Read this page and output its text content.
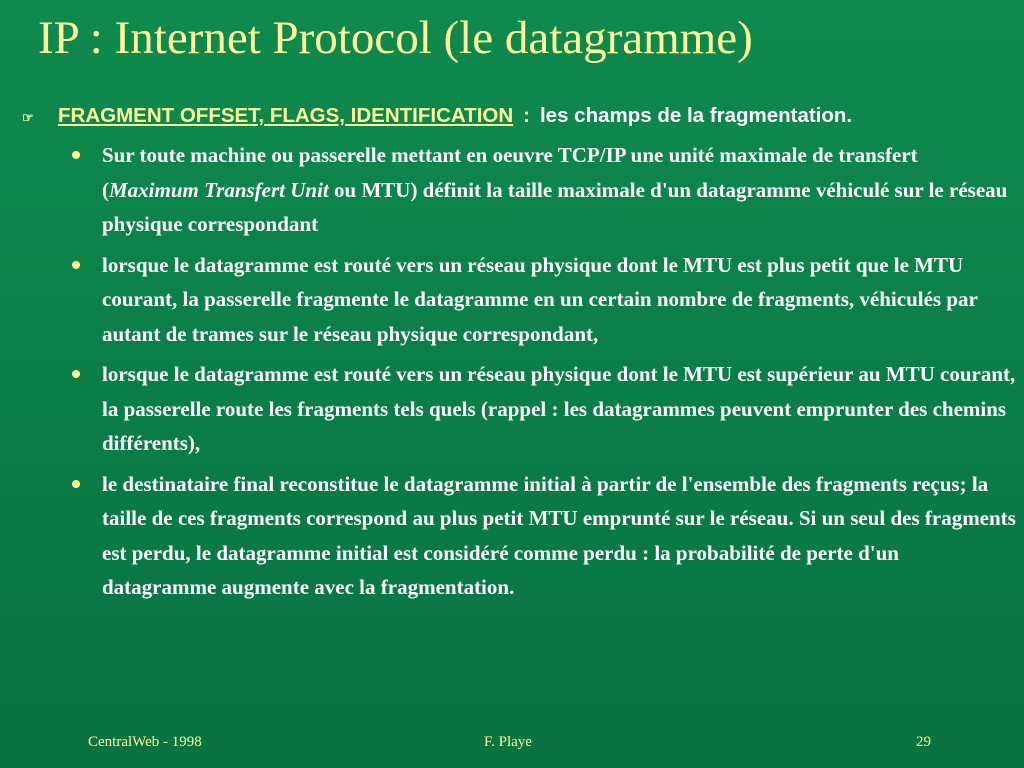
IP : Internet Protocol (le datagramme)
☞ FRAGMENT OFFSET, FLAGS, IDENTIFICATION : les champs de la fragmentation.
Sur toute machine ou passerelle mettant en oeuvre TCP/IP une unité maximale de transfert (Maximum Transfert Unit ou MTU) définit la taille maximale d'un datagramme véhiculé sur le réseau physique correspondant
lorsque le datagramme est routé vers un réseau physique dont le MTU est plus petit que le MTU courant, la passerelle fragmente le datagramme en un certain nombre de fragments, véhiculés par autant de trames sur le réseau physique correspondant,
lorsque le datagramme est routé vers un réseau physique dont le MTU est supérieur au MTU courant, la passerelle route les fragments tels quels (rappel : les datagrammes peuvent emprunter des chemins différents),
le destinataire final reconstitue le datagramme initial à partir de l'ensemble des fragments reçus; la taille de ces fragments correspond au plus petit MTU emprunté sur le réseau. Si un seul des fragments est perdu, le datagramme initial est considéré comme perdu : la probabilité de perte d'un datagramme augmente avec la fragmentation.
CentralWeb - 1998	F. Playe	29
